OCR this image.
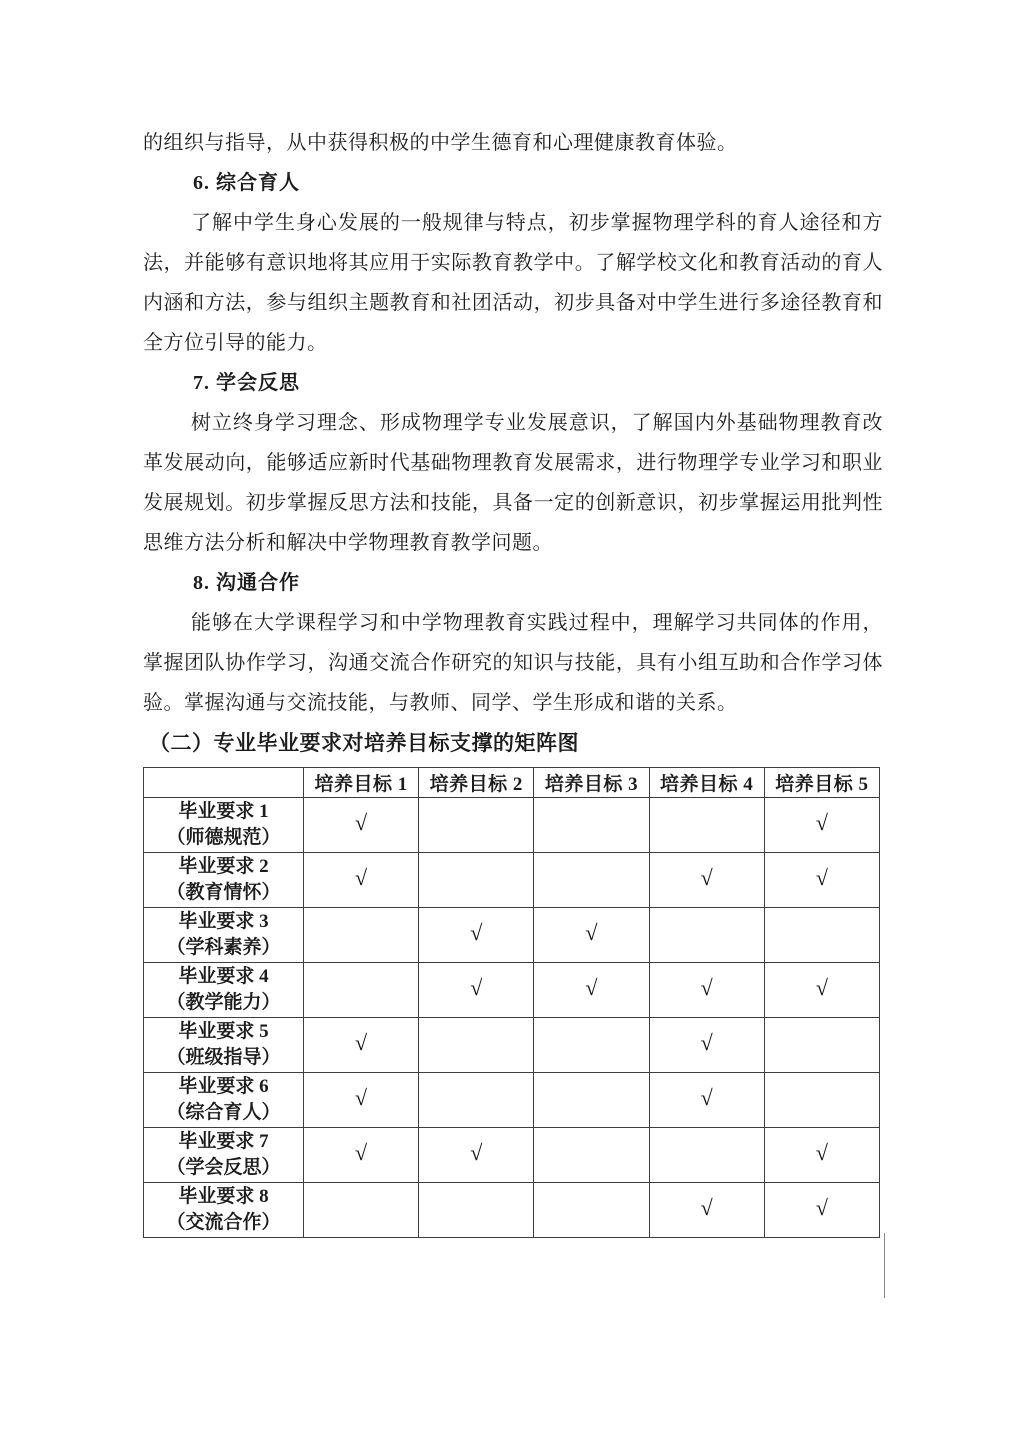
的组织与指导，从中获得积极的中学生德育和心理健康教育体验。

6. 综合育人

了解中学生身心发展的一般规律与特点，初步掌握物理学科的育人途径和方法，并能够有意识地将其应用于实际教育教学中。了解学校文化和教育活动的育人内涵和方法，参与组织主题教育和社团活动，初步具备对中学生进行多途径教育和全方位引导的能力。

7. 学会反思

树立终身学习理念、形成物理学专业发展意识，了解国内外基础物理教育改革发展动向，能够适应新时代基础物理教育发展需求，进行物理学专业学习和职业发展规划。初步掌握反思方法和技能，具备一定的创新意识，初步掌握运用批判性思维方法分析和解决中学物理教育教学问题。

8. 沟通合作

能够在大学课程学习和中学物理教育实践过程中，理解学习共同体的作用，掌握团队协作学习，沟通交流合作研究的知识与技能，具有小组互助和合作学习体验。掌握沟通与交流技能，与教师、同学、学生形成和谐的关系。

（二）专业毕业要求对培养目标支撑的矩阵图
	培养目标 1	培养目标 2	培养目标 3	培养目标 4	培养目标 5

毕业要求 1
（师德规范）	√				√

毕业要求 2
（教育情怀）	√			√	√

毕业要求 3
（学科素养）		√	√		

毕业要求 4
（教学能力）		√	√	√	√

毕业要求 5
（班级指导）	√			√	

毕业要求 6
（综合育人）	√			√	

毕业要求 7
（学会反思）	√	√			√

毕业要求 8
（交流合作）				√	√
